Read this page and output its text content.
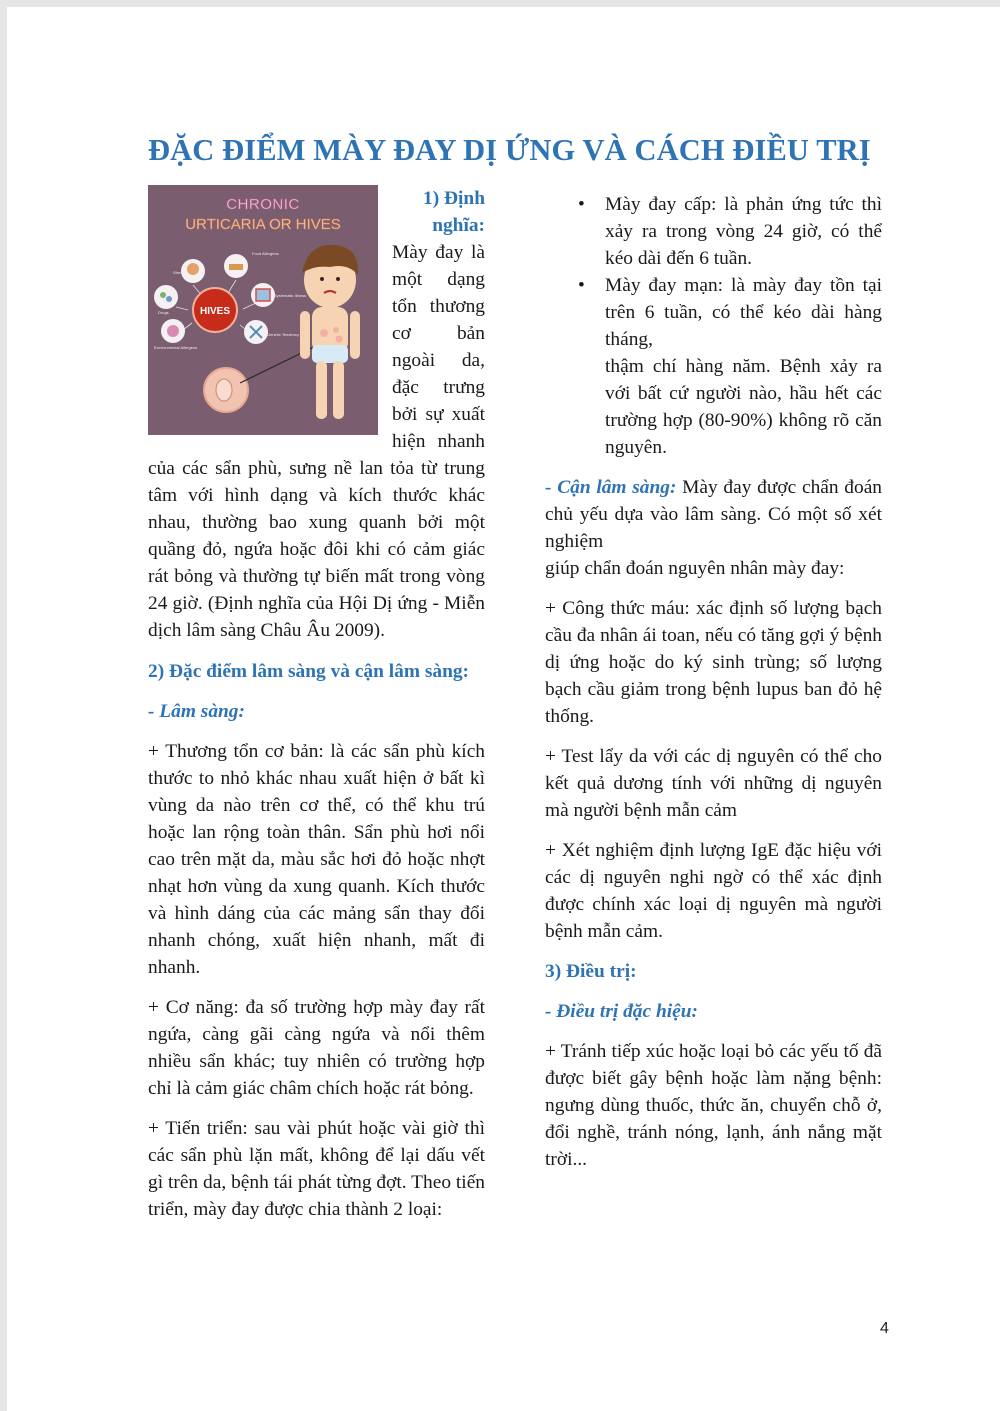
ĐẶC ĐIỂM MÀY ĐAY DỊ ỨNG VÀ CÁCH ĐIỀU TRỊ
CHRONIC
URTICARIA OR HIVES
HIVES
Stress
Food Allergens
Systematic Illness
Genetic Tendency
Environmental Allergens
Drugs

1) Định nghĩa:

Mày đay là một dạng tổn thương cơ bản ngoài da, đặc trưng bởi sự xuất hiện nhanh của các sẩn phù, sưng nề lan tỏa từ trung tâm với hình dạng và kích thước khác nhau, thường bao xung quanh bởi một quầng đỏ, ngứa hoặc đôi khi có cảm giác rát bỏng và thường tự biến mất trong vòng 24 giờ. (Định nghĩa của Hội Dị ứng - Miễn dịch lâm sàng Châu Âu 2009).

2) Đặc điểm lâm sàng và cận lâm sàng:

- Lâm sàng:

+ Thương tổn cơ bản: là các sẩn phù kích thước to nhỏ khác nhau xuất hiện ở bất kì vùng da nào trên cơ thể, có thể khu trú hoặc lan rộng toàn thân. Sẩn phù hơi nổi cao trên mặt da, màu sắc hơi đỏ hoặc nhợt nhạt hơn vùng da xung quanh. Kích thước và hình dáng của các mảng sẩn thay đổi nhanh chóng, xuất hiện nhanh, mất đi nhanh.

+ Cơ năng: đa số trường hợp mày đay rất ngứa, càng gãi càng ngứa và nổi thêm nhiều sẩn khác; tuy nhiên có trường hợp chỉ là cảm giác châm chích hoặc rát bỏng.

+ Tiến triển: sau vài phút hoặc vài giờ thì các sẩn phù lặn mất, không để lại dấu vết gì trên da, bệnh tái phát từng đợt. Theo tiến triển, mày đay được chia thành 2 loại:

• Mày đay cấp: là phản ứng tức thì xảy ra trong vòng 24 giờ, có thể kéo dài đến 6 tuần.
• Mày đay mạn: là mày đay tồn tại trên 6 tuần, có thể kéo dài hàng tháng,
thậm chí hàng năm. Bệnh xảy ra với bất cứ người nào, hầu hết các trường hợp (80-90%) không rõ căn nguyên.

- Cận lâm sàng: Mày đay được chẩn đoán chủ yếu dựa vào lâm sàng. Có một số xét nghiệm
giúp chẩn đoán nguyên nhân mày đay:

+ Công thức máu: xác định số lượng bạch cầu đa nhân ái toan, nếu có tăng gợi ý bệnh dị ứng hoặc do ký sinh trùng; số lượng bạch cầu giảm trong bệnh lupus ban đỏ hệ thống.

+ Test lẩy da với các dị nguyên có thể cho kết quả dương tính với những dị nguyên mà người bệnh mẫn cảm

+ Xét nghiệm định lượng IgE đặc hiệu với các dị nguyên nghi ngờ có thể xác định được chính xác loại dị nguyên mà người bệnh mẫn cảm.

3) Điều trị:

- Điều trị đặc hiệu:

+ Tránh tiếp xúc hoặc loại bỏ các yếu tố đã được biết gây bệnh hoặc làm nặng bệnh: ngưng dùng thuốc, thức ăn, chuyển chỗ ở, đổi nghề, tránh nóng, lạnh, ánh nắng mặt trời...

4
